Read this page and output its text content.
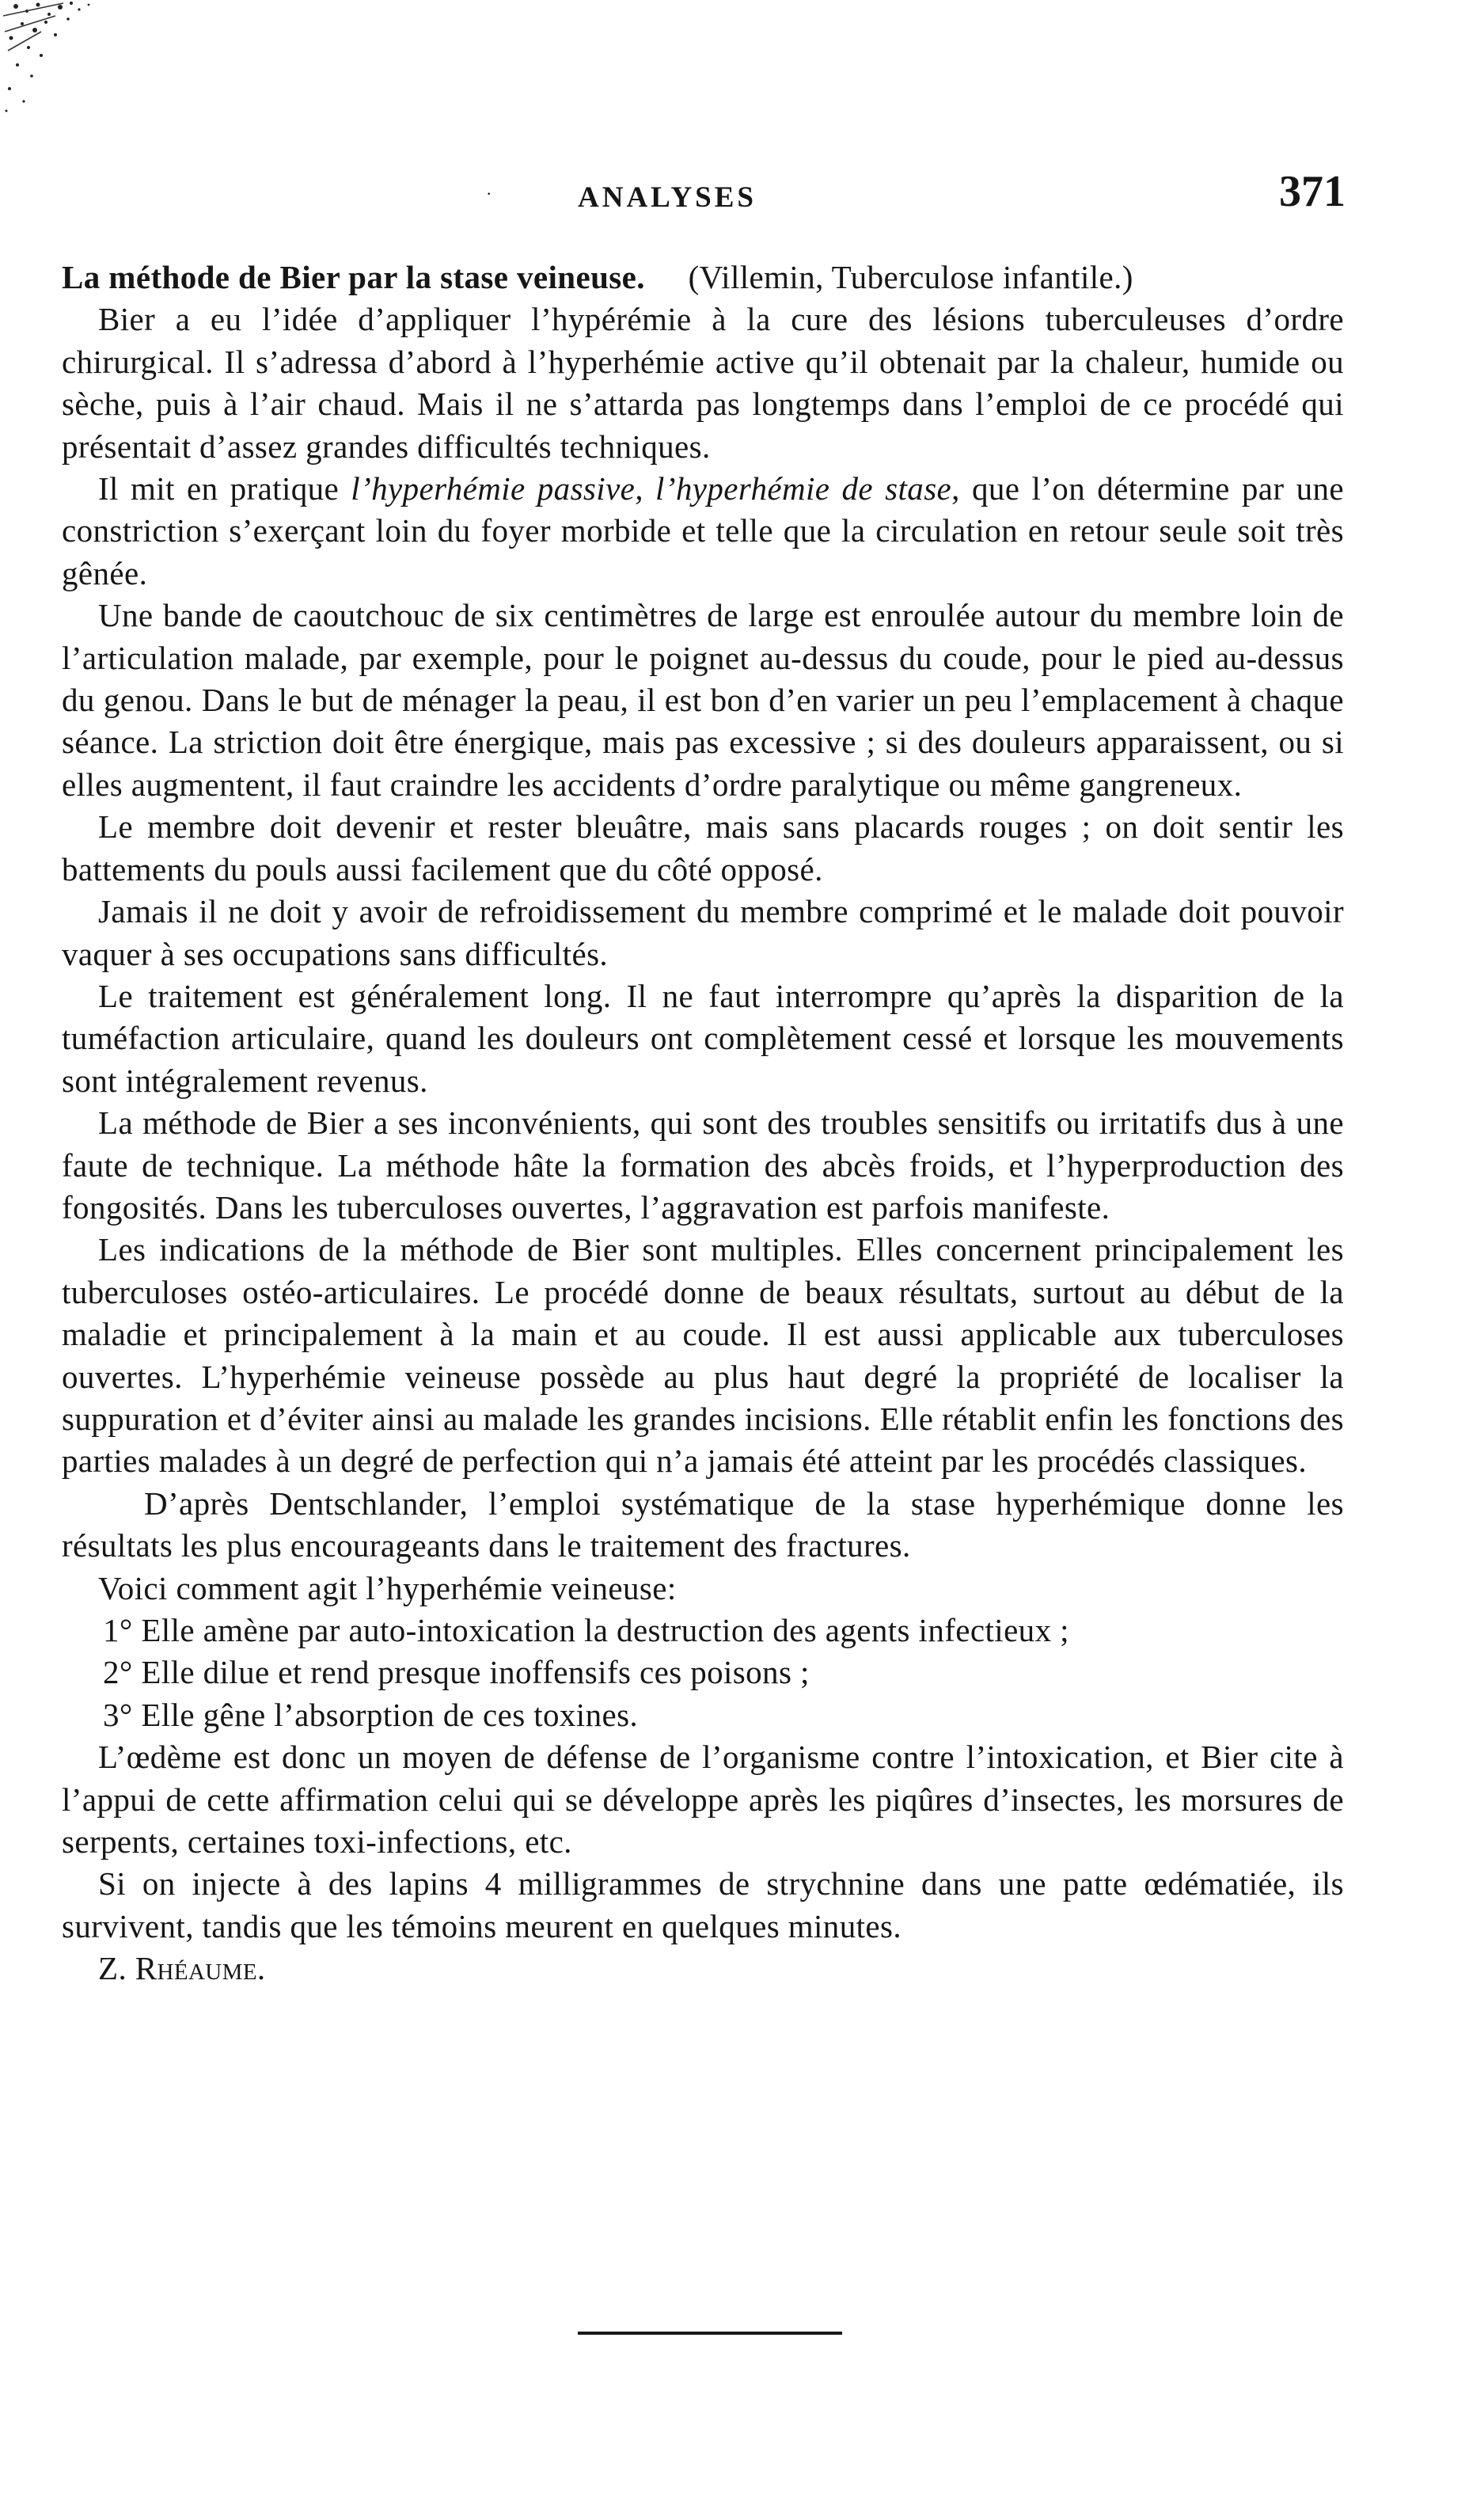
·	ANALYSES	371

La méthode de Bier par la stase veineuse. (Villemin, Tuberculose infantile.)

Bier a eu l’idée d’appliquer l’hypérémie à la cure des lésions tuberculeuses d’ordre chirurgical. Il s’adressa d’abord à l’hyperhémie active qu’il obtenait par la chaleur, humide ou sèche, puis à l’air chaud. Mais il ne s’attarda pas longtemps dans l’emploi de ce procédé qui présentait d’assez grandes difficultés techniques.

Il mit en pratique l’hyperhémie passive, l’hyperhémie de stase, que l’on détermine par une constriction s’exerçant loin du foyer morbide et telle que la circulation en retour seule soit très gênée.

Une bande de caoutchouc de six centimètres de large est enroulée autour du membre loin de l’articulation malade, par exemple, pour le poignet au-dessus du coude, pour le pied au-dessus du genou. Dans le but de ménager la peau, il est bon d’en varier un peu l’emplacement à chaque séance. La striction doit être énergique, mais pas excessive ; si des douleurs apparaissent, ou si elles augmentent, il faut craindre les accidents d’ordre paralytique ou même gangreneux.

Le membre doit devenir et rester bleuâtre, mais sans placards rouges ; on doit sentir les battements du pouls aussi facilement que du côté opposé.

Jamais il ne doit y avoir de refroidissement du membre comprimé et le malade doit pouvoir vaquer à ses occupations sans difficultés.

Le traitement est généralement long. Il ne faut interrompre qu’après la disparition de la tuméfaction articulaire, quand les douleurs ont complètement cessé et lorsque les mouvements sont intégralement revenus.

La méthode de Bier a ses inconvénients, qui sont des troubles sensitifs ou irritatifs dus à une faute de technique. La méthode hâte la formation des abcès froids, et l’hyperproduction des fongosités. Dans les tuberculoses ouvertes, l’aggravation est parfois manifeste.

Les indications de la méthode de Bier sont multiples. Elles concernent principalement les tuberculoses ostéo-articulaires. Le procédé donne de beaux résultats, surtout au début de la maladie et principalement à la main et au coude. Il est aussi applicable aux tuberculoses ouvertes. L’hyperhémie veineuse possède au plus haut degré la propriété de localiser la suppuration et d’éviter ainsi au malade les grandes incisions. Elle rétablit enfin les fonctions des parties malades à un degré de perfection qui n’a jamais été atteint par les procédés classiques.

D’après Dentschlander, l’emploi systématique de la stase hyperhémique donne les résultats les plus encourageants dans le traitement des fractures.

Voici comment agit l’hyperhémie veineuse:

1° Elle amène par auto-intoxication la destruction des agents infectieux ;

2° Elle dilue et rend presque inoffensifs ces poisons ;

3° Elle gêne l’absorption de ces toxines.

L’œdème est donc un moyen de défense de l’organisme contre l’intoxication, et Bier cite à l’appui de cette affirmation celui qui se développe après les piqûres d’insectes, les morsures de serpents, certaines toxi-infections, etc.

Si on injecte à des lapins 4 milligrammes de strychnine dans une patte œdématiée, ils survivent, tandis que les témoins meurent en quelques minutes.

Z. Rhéaume.
